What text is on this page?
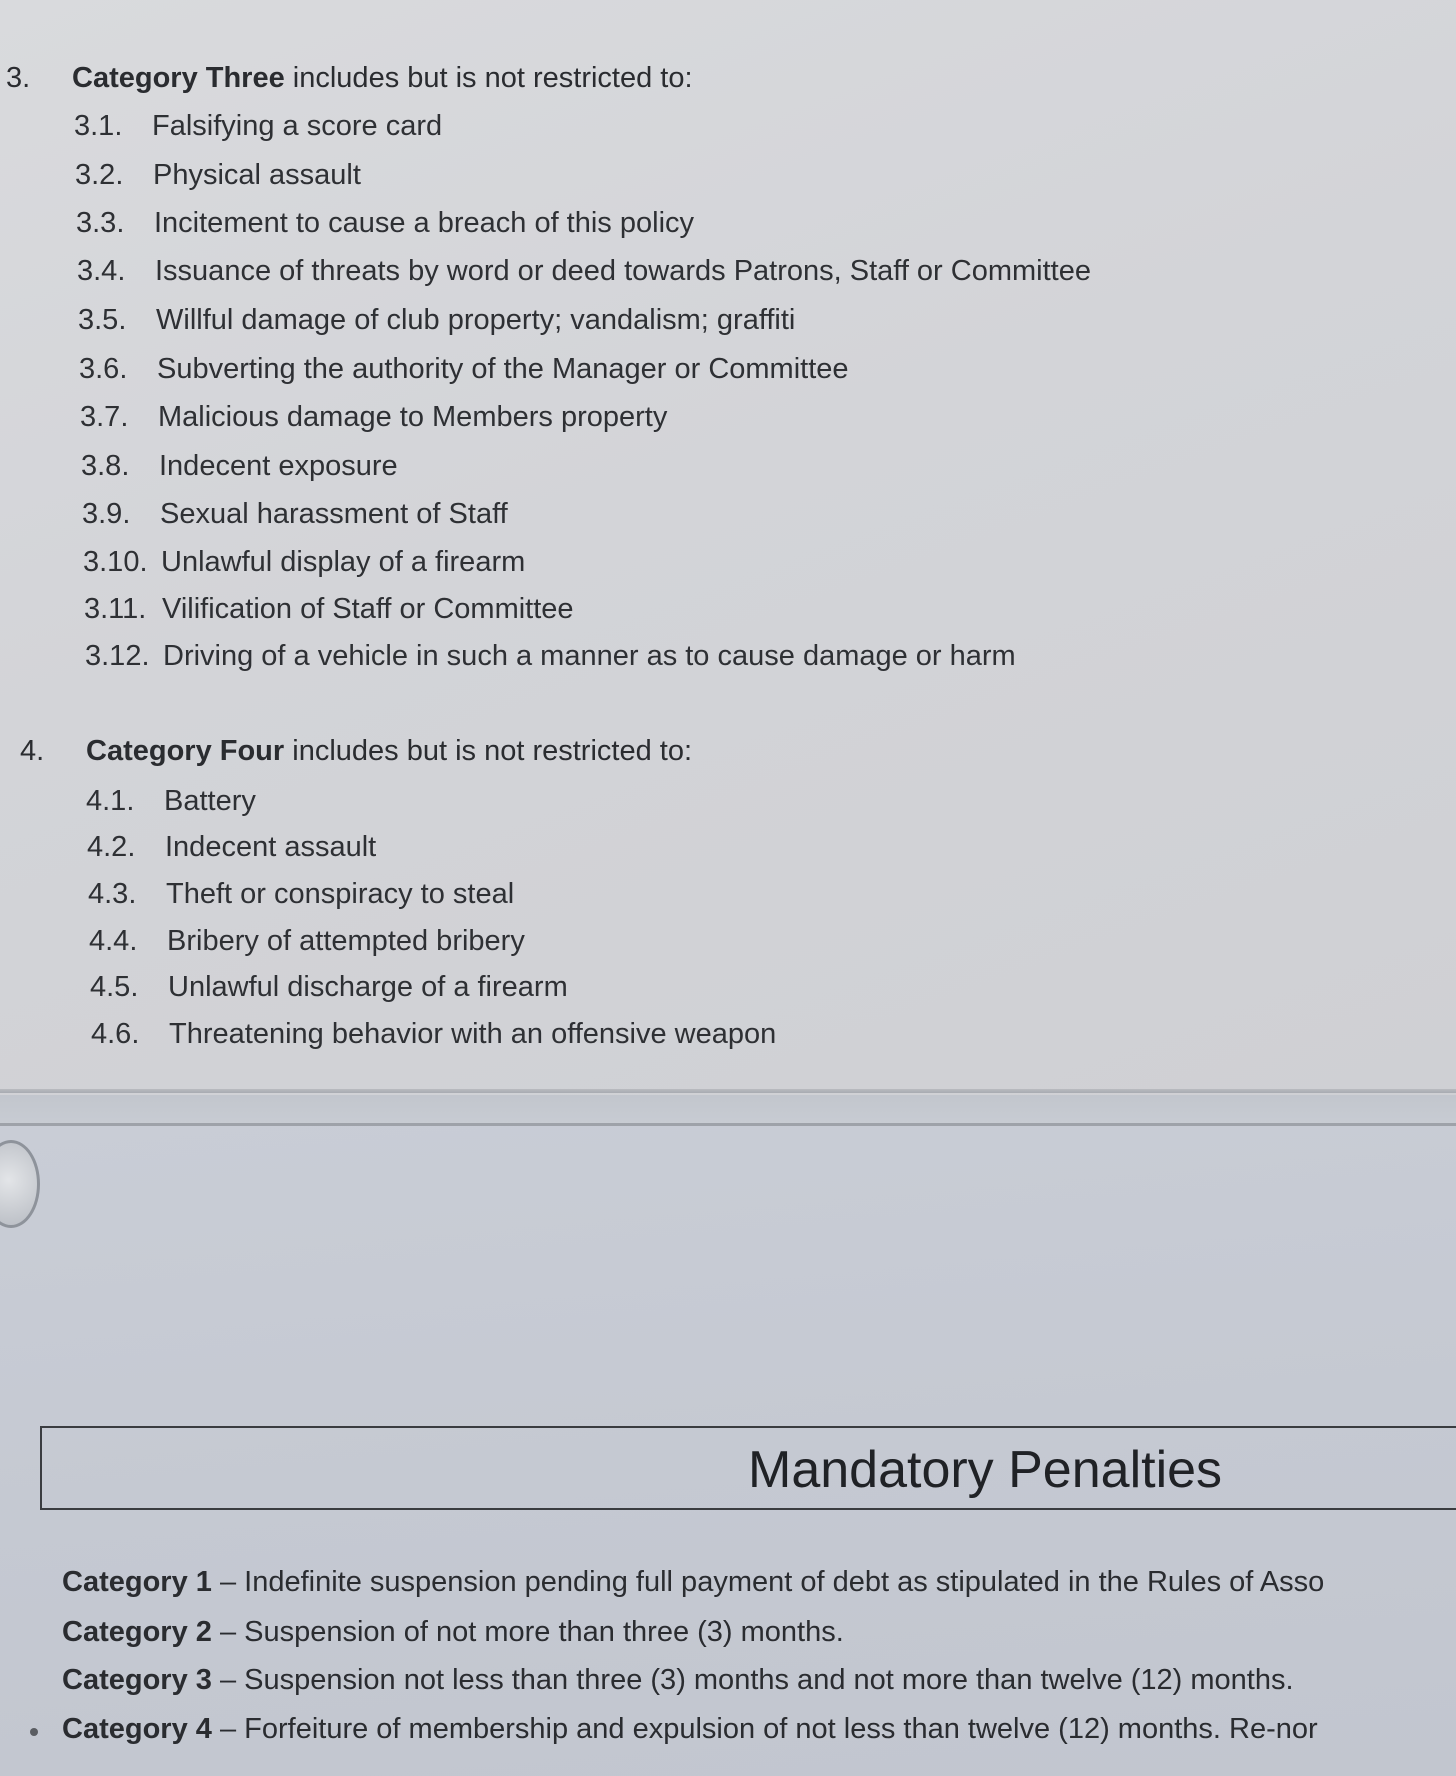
3. Category Three includes but is not restricted to:
3.1. Falsifying a score card
3.2. Physical assault
3.3. Incitement to cause a breach of this policy
3.4. Issuance of threats by word or deed towards Patrons, Staff or Committee
3.5. Willful damage of club property; vandalism; graffiti
3.6. Subverting the authority of the Manager or Committee
3.7. Malicious damage to Members property
3.8. Indecent exposure
3.9. Sexual harassment of Staff
3.10. Unlawful display of a firearm
3.11. Vilification of Staff or Committee
3.12. Driving of a vehicle in such a manner as to cause damage or harm
4. Category Four includes but is not restricted to:
4.1. Battery
4.2. Indecent assault
4.3. Theft or conspiracy to steal
4.4. Bribery of attempted bribery
4.5. Unlawful discharge of a firearm
4.6. Threatening behavior with an offensive weapon
Mandatory Penalties
Category 1 – Indefinite suspension pending full payment of debt as stipulated in the Rules of Asso
Category 2 – Suspension of not more than three (3) months.
Category 3 – Suspension not less than three (3) months and not more than twelve (12) months.
Category 4 – Forfeiture of membership and expulsion of not less than twelve (12) months. Re-nor
